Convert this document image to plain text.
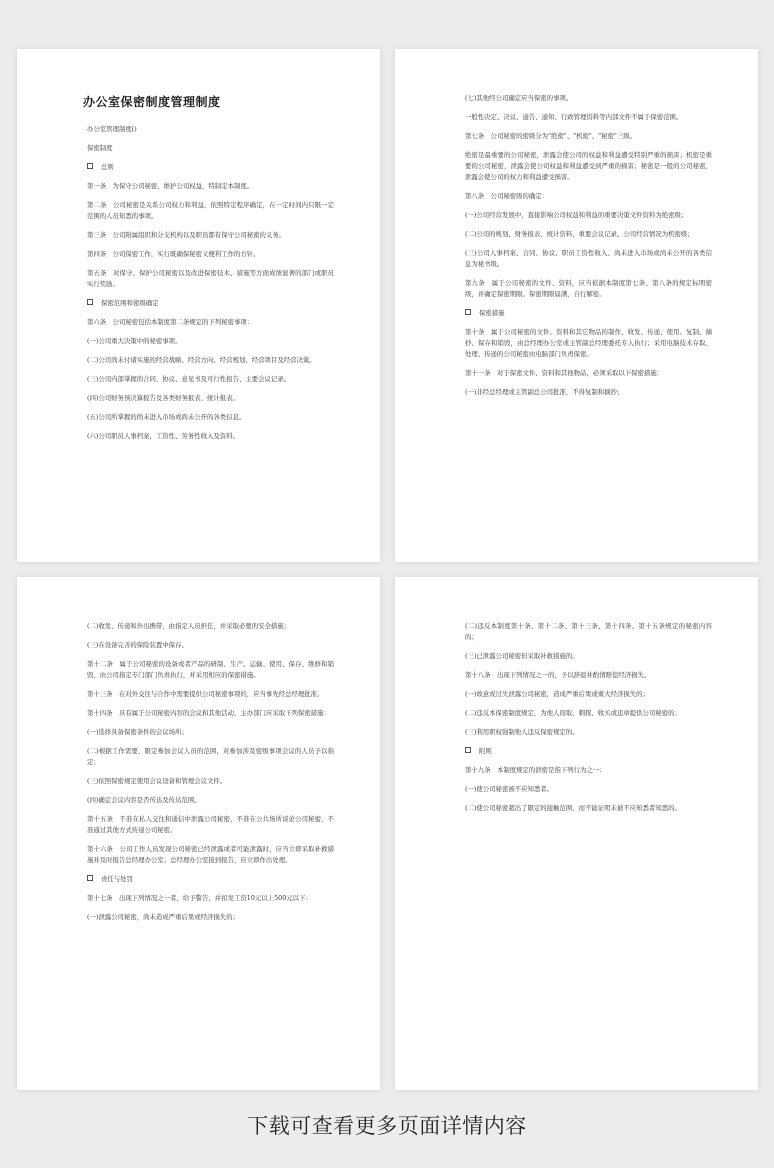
办公室保密制度管理制度
办公室管理制度()
保密制度
总则
第一条　为保守公司秘密，维护公司权益，特制定本制度。
第二条　公司秘密是关系公司权力和利益，依照特定程序确定，在一定时间内只限一定范围的人员知悉的事项。
第三条　公司附属组织和分支机构以及职员都有保守公司秘密的义务。
第四条　公司保密工作，实行既确保秘密又便利工作的方针。
第五条　对保守、保护公司秘密以及改进保密技术、措施等方面成绩显著的部门或职员实行奖励。
保密范围和密级确定
第六条　公司秘密包括本制度第二条规定的下列秘密事项：
(一)公司重大决策中的秘密事项。
(二)公司尚未付诸实施的经营战略、经营方向、经营规划、经营项目及经营决策。
(三)公司内部掌握的合同、协议、意见书及可行性报告、主要会议记录。
(四)公司财务预决算报告及各类财务报表、统计报表。
(五)公司所掌握的尚未进入市场或尚未公开的各类信息。
(六)公司职员人事档案，工资性、劳务性收入及资料。
(七)其他经公司确定应当保密的事项。
一般性决定、决议、通告、通知、行政管理资料等内部文件不属于保密范围。
第七条　公司秘密的密级分为"绝密"、"机密"、"秘密"三级。
绝密是最重要的公司秘密，泄露会使公司的权益和利益遭受特别严重的损害；机密是重要的公司秘密，泄露会使公司权益和利益遭受到严重的损害；秘密是一般的公司秘密，泄露会使公司的权力和利益遭受损害。
第八条　公司秘密级的确定：
(一)公司经营发展中，直接影响公司权益和利益的重要决策文件资料为绝密级；
(二)公司的规划、财务报表、统计资料、重要会议记录、公司经营情况为机密级；
(三)公司人事档案、合同、协议、职员工资性收入、尚未进入市场或尚未公开的各类信息为秘书级。
第九条　属于公司秘密的文件、资料，应当依据本制度第七条、第八条的规定标明密级，并确定保密期限。保密期限届满，自行解密。
保密措施
第十条　属于公司秘密的文件、资料和其它物品的制作、收发、传递、使用、复制、摘抄、保存和销毁，由总经理办公室或主管副总经理委托专人执行；采用电脑技术存取、处理、传递的公司秘密由电脑部门负责保密。
第十一条　对于保密文件、资料和其他物品，必须采取以下保密措施：
(一)非经总经理或主管副总公司批准，不得复制和摘抄；
(二)收发、传递和外出携带，由指定人员担任，并采取必要的安全措施；
(三)在设备完善的保险装置中保存。
第十二条　属于公司秘密的设备或者产品的研制、生产、运输、使用、保存、维修和销毁，由公司指定专门部门负责执行，并采用相应的保密措施。
第十三条　在对外交往与合作中需要提供公司秘密事项的，应当事先经总经理批准。
第十四条　具有属于公司秘密内容的会议和其他活动，主办部门应采取下列保密措施：
(一)选择具备保密条件的会议场所；
(二)根据工作需要，限定参加会议人员的范围，对参加涉及密级事项会议的人员予以指定；
(三)依照保密规定使用会议设备和管理会议文件。
(四)确定会议内容是否传达及传达范围。
第十五条　不准在私人交往和通信中泄露公司秘密，不准在公共场所谈论公司秘密，不准通过其他方式传递公司秘密。
第十六条　公司工作人员发现公司秘密已经泄露或者可能泄露时，应当立即采取补救措施并及时报告总经理办公室；总经理办公室接到报告，应立即作出处理。
责任与处罚
第十七条　出现下列情况之一者，给予警告，并扣发工资10元以上500元以下：
(一)泄露公司秘密，尚未造成严重后果或经济损失的；
(二)违反本制度第十条、第十二条、第十三条、第十四条、第十五条规定的秘密内容的；
(三)已泄露公司秘密但采取补救措施的。
第十八条　出现下列情况之一的，予以辞退并酌情赔偿经济损失。
(一)故意或过失泄露公司秘密，造成严重后果或重大经济损失的；
(二)违反本保密制度规定，为他人窃取、刺探、收买或违章提供公司秘密的；
(三)利用职权强制他人违反保密规定的。
附则
第十九条　本制度规定的泄密是指下列行为之一：
(一)使公司秘密被不应知悉者。
(二)使公司秘密超出了限定的接触范围，而不能证明未被不应知悉者知悉的。
下载可查看更多页面详情内容
